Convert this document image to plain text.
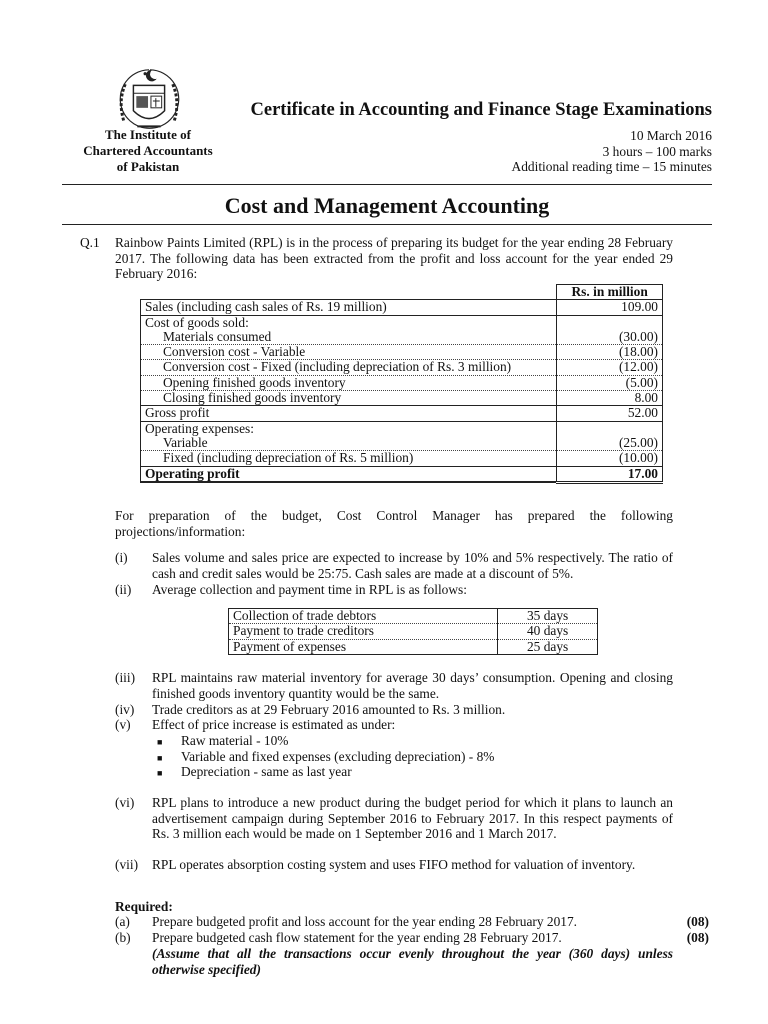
The Institute of
Chartered Accountants
of Pakistan
Certificate in Accounting and Finance Stage Examinations
10 March 2016
3 hours – 100 marks
Additional reading time – 15 minutes
Cost and Management Accounting
Q.1 Rainbow Paints Limited (RPL) is in the process of preparing its budget for the year ending 28 February 2017. The following data has been extracted from the profit and loss account for the year ended 29 February 2016:
	Rs. in million
Sales (including cash sales of Rs. 19 million)	109.00
Cost of goods sold:	
Materials consumed	(30.00)
Conversion cost - Variable	(18.00)
Conversion cost - Fixed (including depreciation of Rs. 3 million)	(12.00)
Opening finished goods inventory	(5.00)
Closing finished goods inventory	8.00
Gross profit	52.00
Operating expenses:	
Variable	(25.00)
Fixed (including depreciation of Rs. 5 million)	(10.00)
Operating profit	17.00
For preparation of the budget, Cost Control Manager has prepared the following projections/information:
(i)	Sales volume and sales price are expected to increase by 10% and 5% respectively. The ratio of cash and credit sales would be 25:75. Cash sales are made at a discount of 5%.
(ii)	Average collection and payment time in RPL is as follows:
Collection of trade debtors	35 days
Payment to trade creditors	40 days
Payment of expenses	25 days
(iii)	RPL maintains raw material inventory for average 30 days’ consumption. Opening and closing finished goods inventory quantity would be the same.
(iv)	Trade creditors as at 29 February 2016 amounted to Rs. 3 million.
(v)	Effect of price increase is estimated as under:
■ Raw material - 10%
■ Variable and fixed expenses (excluding depreciation) - 8%
■ Depreciation - same as last year
(vi)	RPL plans to introduce a new product during the budget period for which it plans to launch an advertisement campaign during September 2016 to February 2017. In this respect payments of Rs. 3 million each would be made on 1 September 2016 and 1 March 2017.
(vii)	RPL operates absorption costing system and uses FIFO method for valuation of inventory.
Required:
(a)	Prepare budgeted profit and loss account for the year ending 28 February 2017.	(08)
(b)	Prepare budgeted cash flow statement for the year ending 28 February 2017.	(08)
(Assume that all the transactions occur evenly throughout the year (360 days) unless otherwise specified)
